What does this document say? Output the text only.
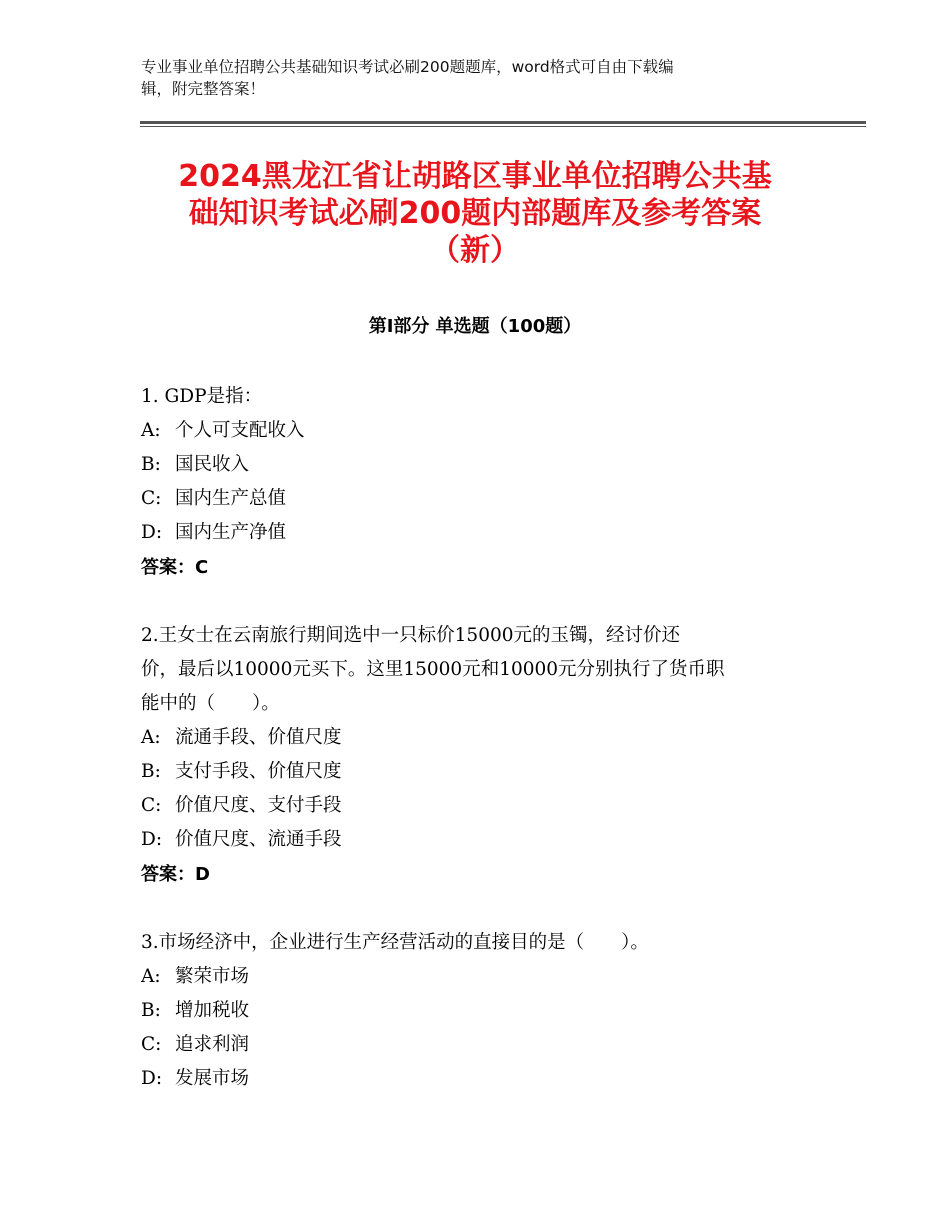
专业事业单位招聘公共基础知识考试必刷200题题库，word格式可自由下载编
辑，附完整答案！
2024黑龙江省让胡路区事业单位招聘公共基
础知识考试必刷200题内部题库及参考答案
（新）
第Ⅰ部分 单选题（100题）
1. GDP是指：
A: 个人可支配收入
B: 国民收入
C: 国内生产总值
D: 国内生产净值
答案：C
2.王女士在云南旅行期间选中一只标价15000元的玉镯，经讨价还
价，最后以10000元买下。这里15000元和10000元分别执行了货币职
能中的（　　）。
A: 流通手段、价值尺度
B: 支付手段、价值尺度
C: 价值尺度、支付手段
D: 价值尺度、流通手段
答案：D
3.市场经济中，企业进行生产经营活动的直接目的是（　　）。
A: 繁荣市场
B: 增加税收
C: 追求利润
D: 发展市场
